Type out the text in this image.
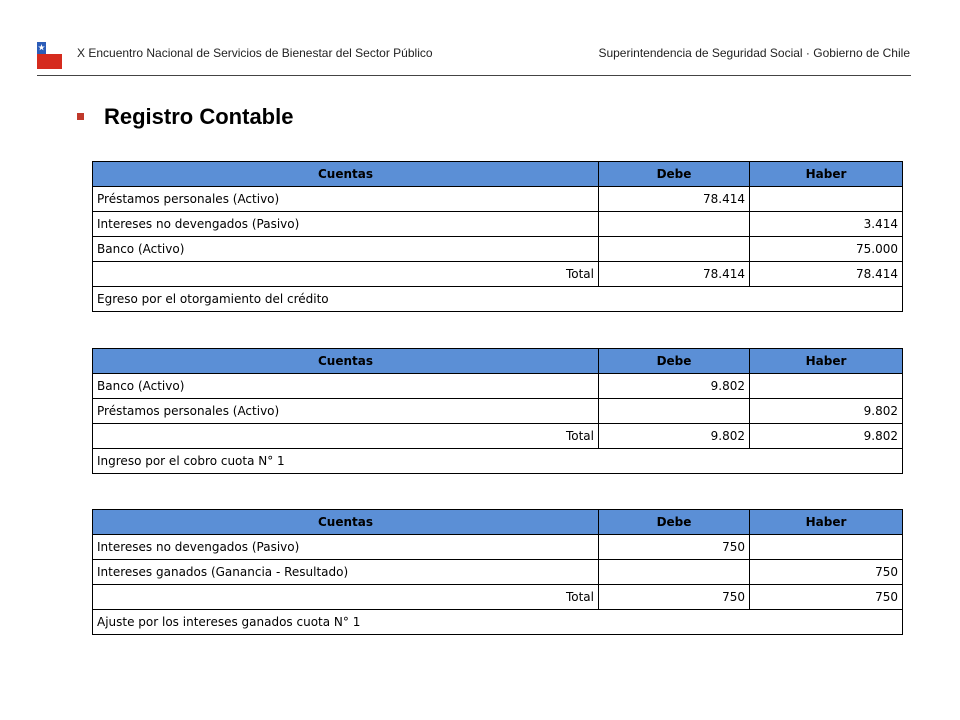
X Encuentro Nacional de Servicios de Bienestar del Sector Público	Superintendencia de Seguridad Social · Gobierno de Chile
Registro Contable
Cuentas	Debe	Haber
Préstamos personales (Activo)	78.414	
Intereses no devengados (Pasivo)		3.414
Banco (Activo)		75.000
Total	78.414	78.414
Egreso por el otorgamiento del crédito		
Cuentas	Debe	Haber
Banco (Activo)	9.802	
Préstamos personales (Activo)		9.802
Total	9.802	9.802
Ingreso por el cobro cuota N° 1		
Cuentas	Debe	Haber
Intereses no devengados (Pasivo)	750	
Intereses ganados (Ganancia - Resultado)		750
Total	750	750
Ajuste por los intereses ganados cuota N° 1		
